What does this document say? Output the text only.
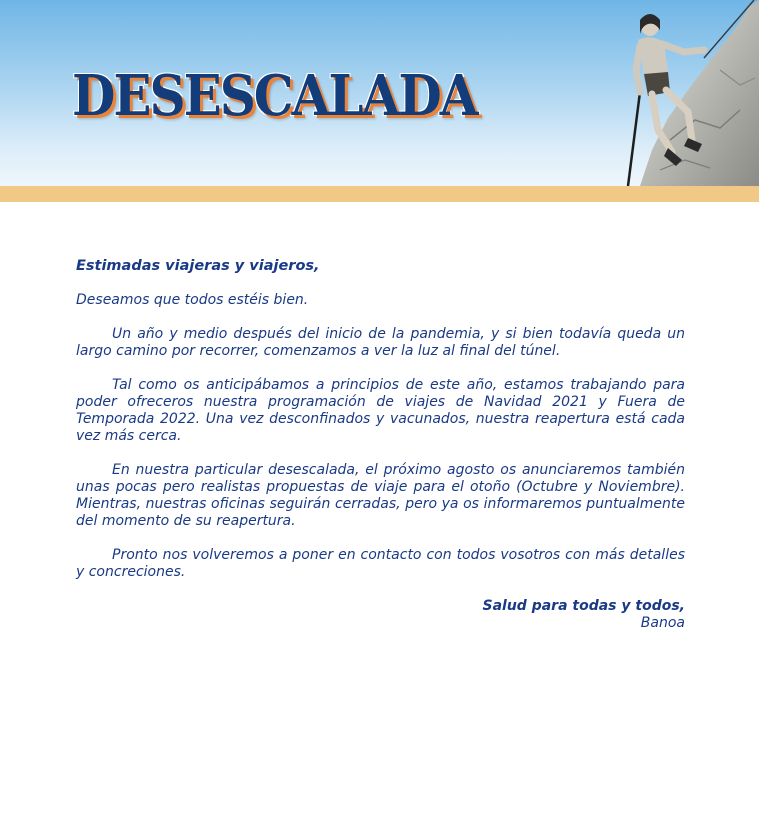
DESESCALADA

Estimadas viajeras y viajeros,

Deseamos que todos estéis bien.

Un año y medio después del inicio de la pandemia, y si bien todavía queda un largo camino por recorrer, comenzamos a ver la luz al final del túnel.

Tal como os anticipábamos a principios de este año, estamos trabajando para poder ofreceros nuestra programación de viajes de Navidad 2021 y Fuera de Temporada 2022. Una vez desconfinados y vacunados, nuestra reapertura está cada vez más cerca.

En nuestra particular desescalada, el próximo agosto os anunciaremos también unas pocas pero realistas propuestas de viaje para el otoño (Octubre y Noviembre). Mientras, nuestras oficinas seguirán cerradas, pero ya os informaremos puntualmente del momento de su reapertura.

Pronto nos volveremos a poner en contacto con todos vosotros con más detalles y concreciones.

Salud para todas y todos,

Banoa
